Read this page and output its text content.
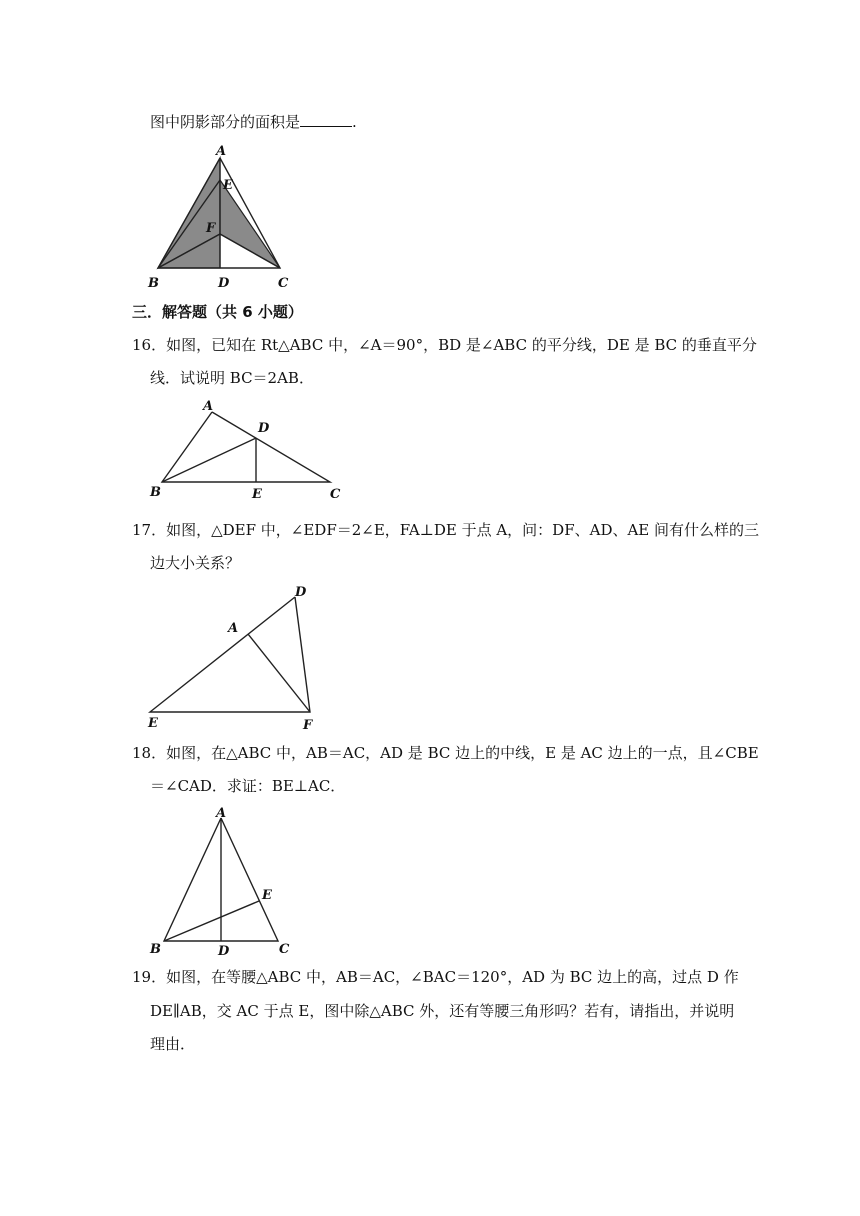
图中阴影部分的面积是	.
A
E
F
B	D	C
三．解答题（共 6 小题）
16．如图，已知在 Rt△ABC 中，∠A＝90°，BD 是∠ABC 的平分线，DE 是 BC 的垂直平分
线．试说明 BC＝2AB．
A
D
B	E	C
17．如图，△DEF 中，∠EDF＝2∠E，FA⊥DE 于点 A，问：DF、AD、AE 间有什么样的三
边大小关系？
D
A
E	F
18．如图，在△ABC 中，AB＝AC，AD 是 BC 边上的中线，E 是 AC 边上的一点，且∠CBE
＝∠CAD．求证：BE⊥AC．
A
E
B	D	C
19．如图，在等腰△ABC 中，AB＝AC，∠BAC＝120°，AD 为 BC 边上的高，过点 D 作
DE∥AB，交 AC 于点 E，图中除△ABC 外，还有等腰三角形吗？若有，请指出，并说明
理由．
